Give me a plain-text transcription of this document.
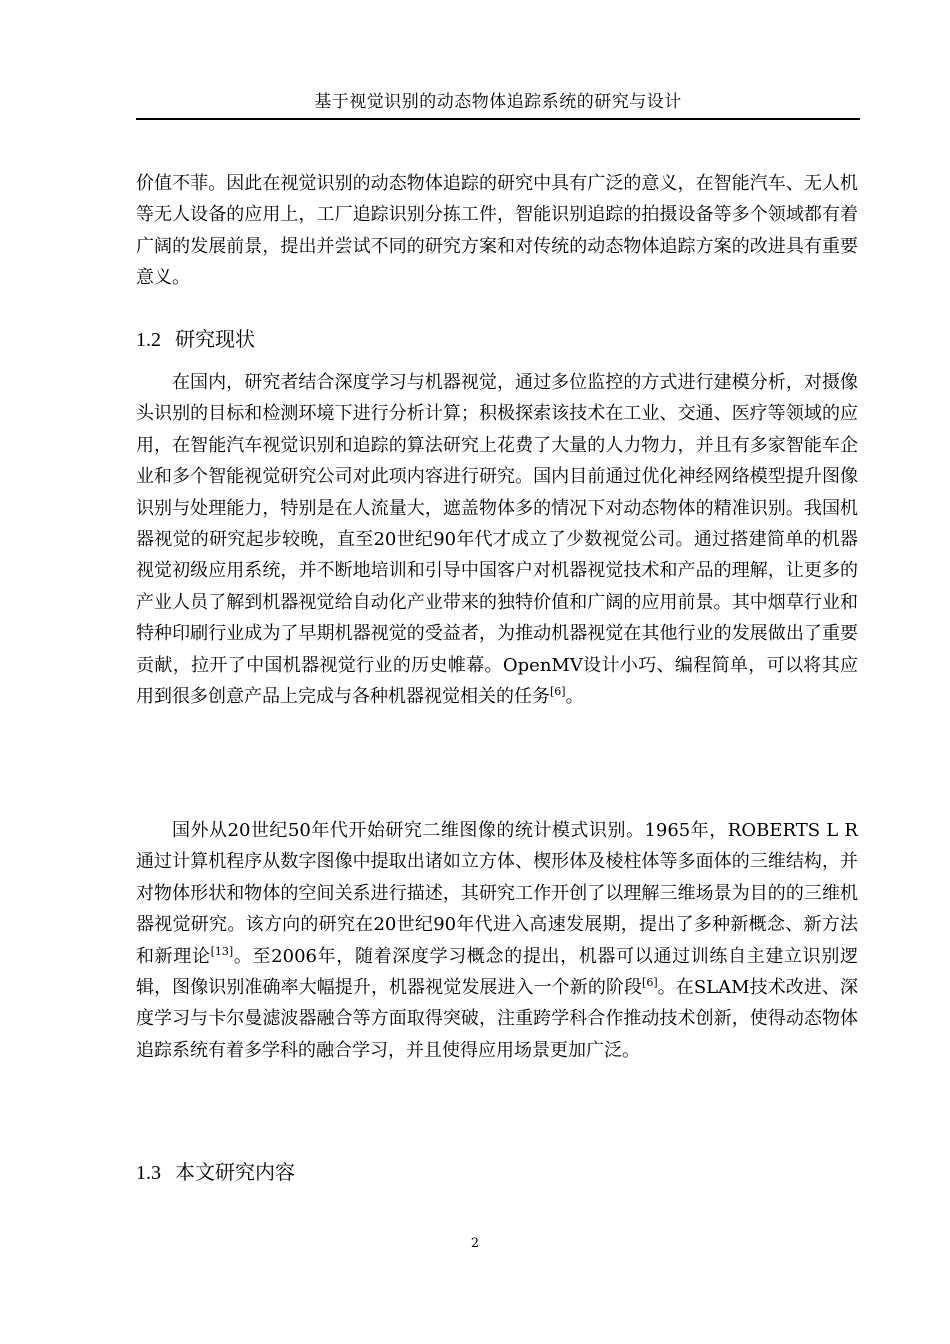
基于视觉识别的动态物体追踪系统的研究与设计

价值不菲。因此在视觉识别的动态物体追踪的研究中具有广泛的意义，在智能汽车、无人机等无人设备的应用上，工厂追踪识别分拣工件，智能识别追踪的拍摄设备等多个领域都有着广阔的发展前景，提出并尝试不同的研究方案和对传统的动态物体追踪方案的改进具有重要意义。

1.2 研究现状

在国内，研究者结合深度学习与机器视觉，通过多位监控的方式进行建模分析，对摄像头识别的目标和检测环境下进行分析计算；积极探索该技术在工业、交通、医疗等领域的应用，在智能汽车视觉识别和追踪的算法研究上花费了大量的人力物力，并且有多家智能车企业和多个智能视觉研究公司对此项内容进行研究。国内目前通过优化神经网络模型提升图像识别与处理能力，特别是在人流量大，遮盖物体多的情况下对动态物体的精准识别。我国机器视觉的研究起步较晚，直至20世纪90年代才成立了少数视觉公司。通过搭建简单的机器视觉初级应用系统，并不断地培训和引导中国客户对机器视觉技术和产品的理解，让更多的产业人员了解到机器视觉给自动化产业带来的独特价值和广阔的应用前景。其中烟草行业和特种印刷行业成为了早期机器视觉的受益者，为推动机器视觉在其他行业的发展做出了重要贡献，拉开了中国机器视觉行业的历史帷幕。OpenMV设计小巧、编程简单，可以将其应用到很多创意产品上完成与各种机器视觉相关的任务[6]。

国外从20世纪50年代开始研究二维图像的统计模式识别。1965年，ROBERTS L R通过计算机程序从数字图像中提取出诸如立方体、楔形体及棱柱体等多面体的三维结构，并对物体形状和物体的空间关系进行描述，其研究工作开创了以理解三维场景为目的的三维机器视觉研究。该方向的研究在20世纪90年代进入高速发展期，提出了多种新概念、新方法和新理论[13]。至2006年，随着深度学习概念的提出，机器可以通过训练自主建立识别逻辑，图像识别准确率大幅提升，机器视觉发展进入一个新的阶段[6]。在SLAM技术改进、深度学习与卡尔曼滤波器融合等方面取得突破，注重跨学科合作推动技术创新，使得动态物体追踪系统有着多学科的融合学习，并且使得应用场景更加广泛。

1.3 本文研究内容
2
